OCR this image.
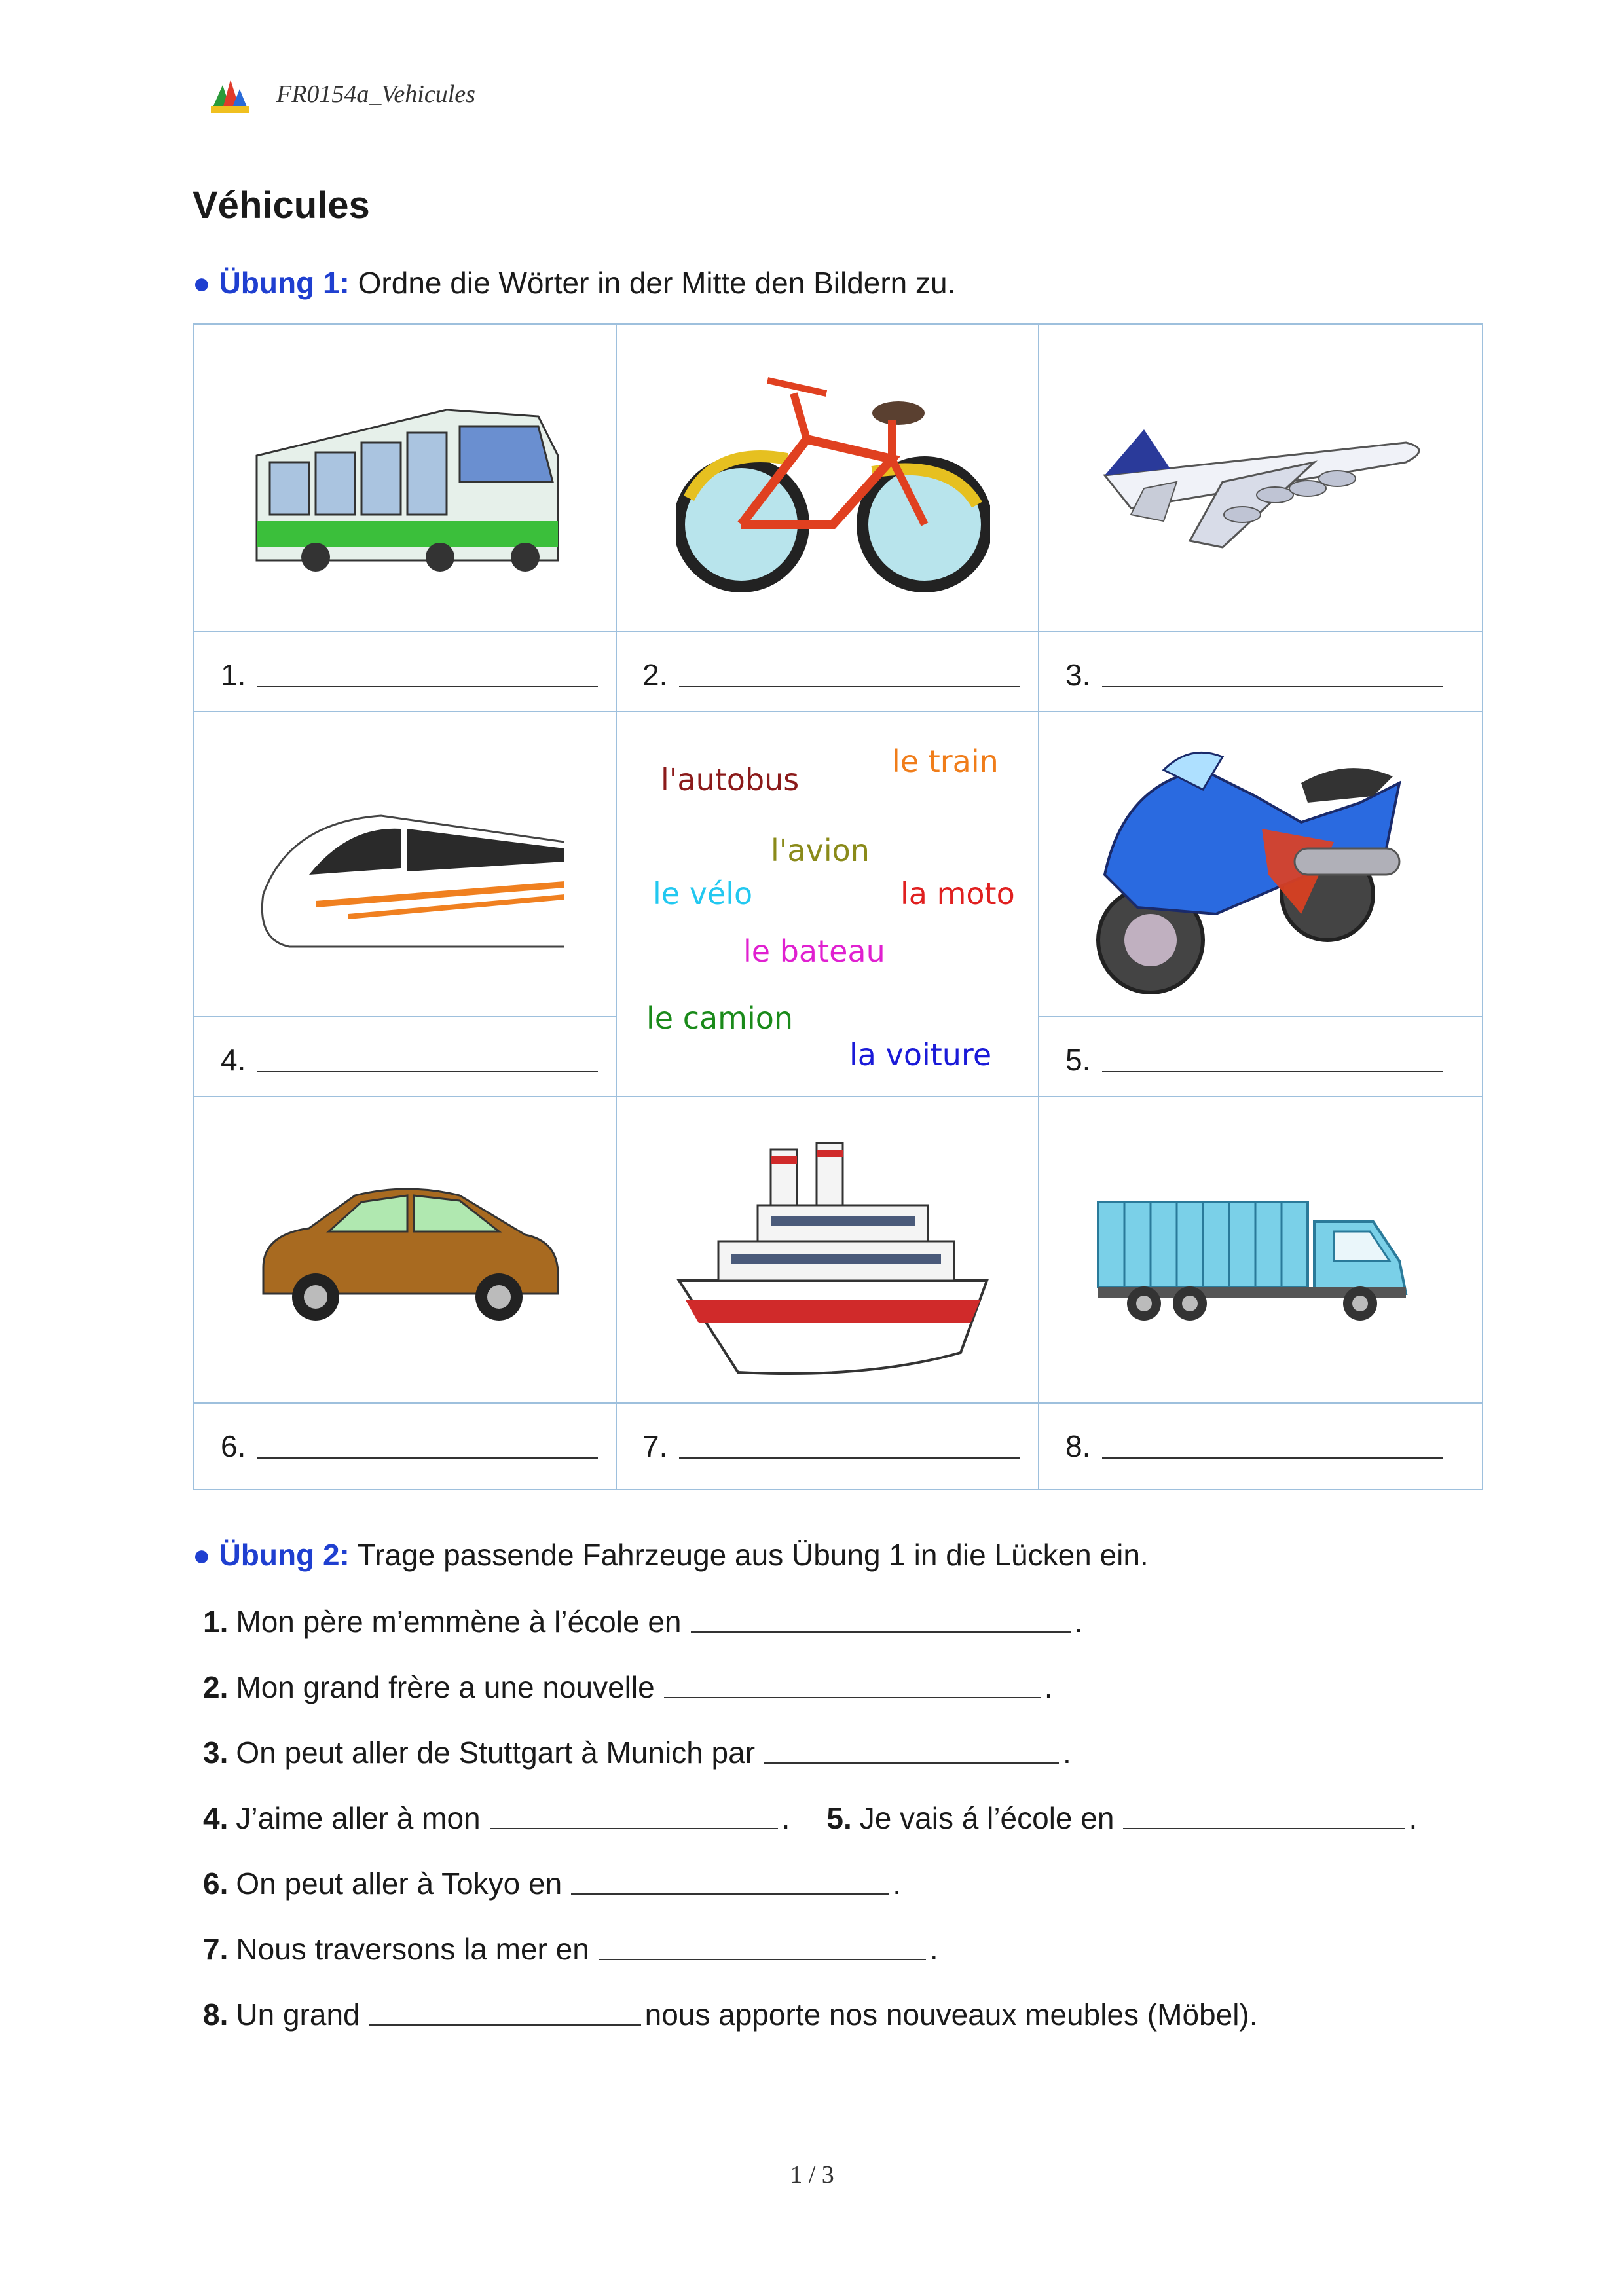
FR0154a_Vehicules
Véhicules
● Übung 1: Ordne die Wörter in der Mitte den Bildern zu.
le train
l'autobus
l'avion
le vélo	la moto
le bateau
le camion
la voiture
1.	2.	3.
4.	5.
6.	7.	8.
● Übung 2: Trage passende Fahrzeuge aus Übung 1 in die Lücken ein.
1. Mon père m’emmène à l’école en	.
2. Mon grand frère a une nouvelle	.
3. On peut aller de Stuttgart à Munich par	.
4. J’aime aller à mon	. 5. Je vais á l’école en	.
6. On peut aller à Tokyo en	.
7. Nous traversons la mer en	.
8. Un grand	nous apporte nos nouveaux meubles (Möbel).
1 / 3
